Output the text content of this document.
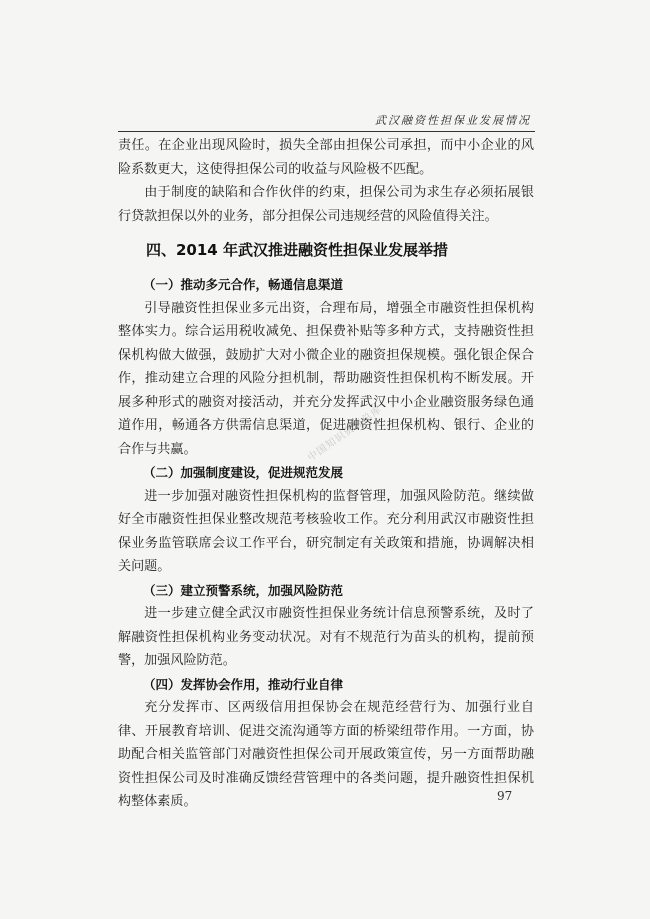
武汉融资性担保业发展情况
中国知识资源总库

责任。在企业出现风险时，损失全部由担保公司承担，而中小企业的风险系数更大，这使得担保公司的收益与风险极不匹配。

由于制度的缺陷和合作伙伴的约束，担保公司为求生存必须拓展银行贷款担保以外的业务，部分担保公司违规经营的风险值得关注。

四、2014 年武汉推进融资性担保业发展举措
（一）推动多元合作，畅通信息渠道

引导融资性担保业多元出资，合理布局，增强全市融资性担保机构整体实力。综合运用税收减免、担保费补贴等多种方式，支持融资性担保机构做大做强，鼓励扩大对小微企业的融资担保规模。强化银企保合作，推动建立合理的风险分担机制，帮助融资性担保机构不断发展。开展多种形式的融资对接活动，并充分发挥武汉中小企业融资服务绿色通道作用，畅通各方供需信息渠道，促进融资性担保机构、银行、企业的合作与共赢。

（二）加强制度建设，促进规范发展

进一步加强对融资性担保机构的监督管理，加强风险防范。继续做好全市融资性担保业整改规范考核验收工作。充分利用武汉市融资性担保业务监管联席会议工作平台，研究制定有关政策和措施，协调解决相关问题。

（三）建立预警系统，加强风险防范

进一步建立健全武汉市融资性担保业务统计信息预警系统，及时了解融资性担保机构业务变动状况。对有不规范行为苗头的机构，提前预警，加强风险防范。

（四）发挥协会作用，推动行业自律

充分发挥市、区两级信用担保协会在规范经营行为、加强行业自律、开展教育培训、促进交流沟通等方面的桥梁纽带作用。一方面，协助配合相关监管部门对融资性担保公司开展政策宣传，另一方面帮助融资性担保公司及时准确反馈经营管理中的各类问题，提升融资性担保机构整体素质。	97
